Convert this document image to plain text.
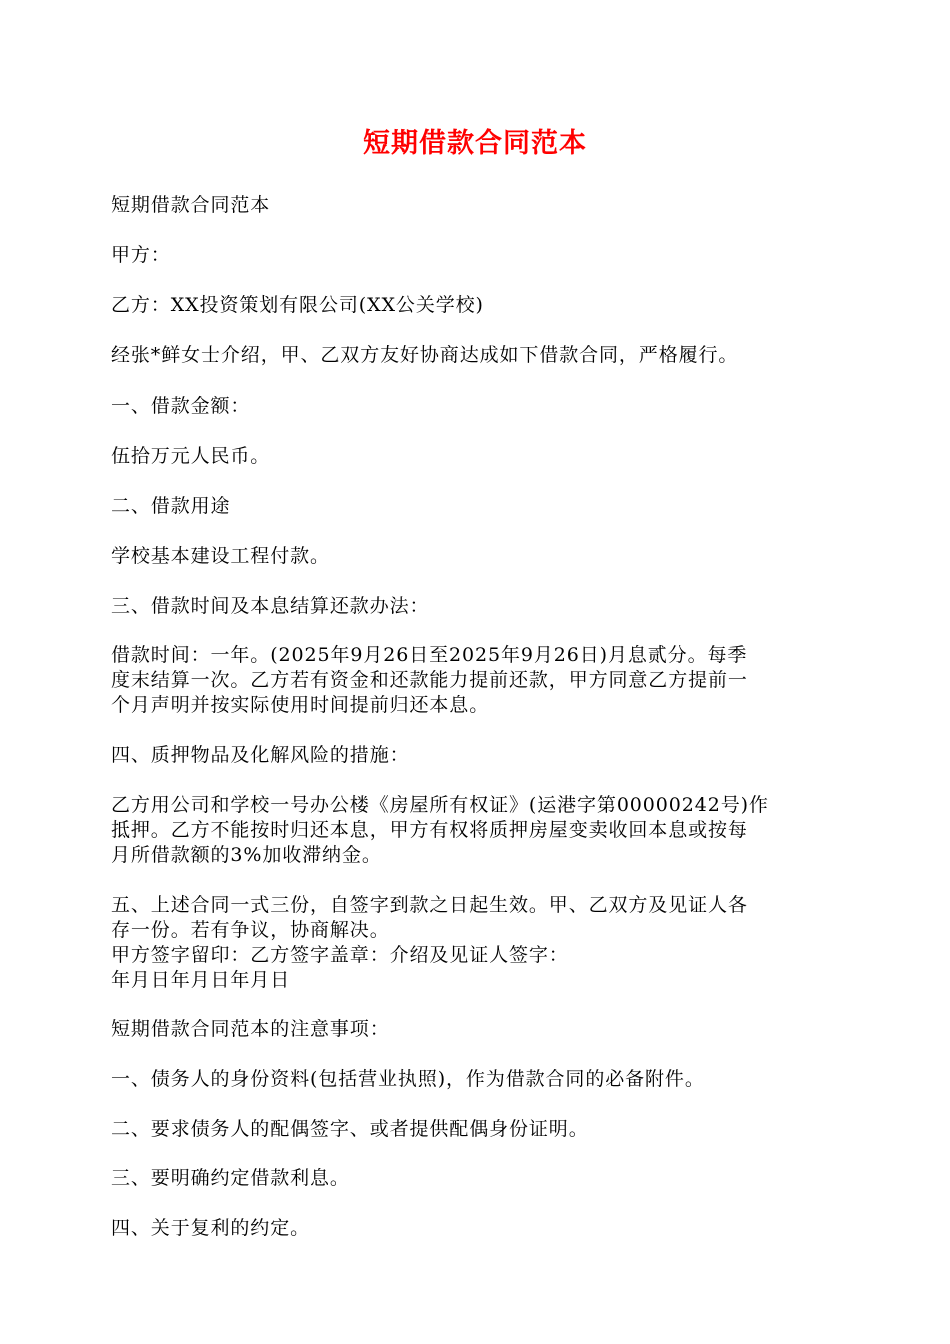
短期借款合同范本
短期借款合同范本
甲方：
乙方：XX投资策划有限公司(XX公关学校)
经张*鲜女士介绍，甲、乙双方友好协商达成如下借款合同，严格履行。
一、借款金额：
伍拾万元人民币。
二、借款用途
学校基本建设工程付款。
三、借款时间及本息结算还款办法：
借款时间：一年。(2025年9月26日至2025年9月26日)月息贰分。每季
度末结算一次。乙方若有资金和还款能力提前还款，甲方同意乙方提前一
个月声明并按实际使用时间提前归还本息。
四、质押物品及化解风险的措施：
乙方用公司和学校一号办公楼《房屋所有权证》(运港字第00000242号)作
抵押。乙方不能按时归还本息，甲方有权将质押房屋变卖收回本息或按每
月所借款额的3%加收滞纳金。
五、上述合同一式三份，自签字到款之日起生效。甲、乙双方及见证人各
存一份。若有争议，协商解决。
甲方签字留印：乙方签字盖章：介绍及见证人签字：
年月日年月日年月日
短期借款合同范本的注意事项：
一、债务人的身份资料(包括营业执照)，作为借款合同的必备附件。
二、要求债务人的配偶签字、或者提供配偶身份证明。
三、要明确约定借款利息。
四、关于复利的约定。
